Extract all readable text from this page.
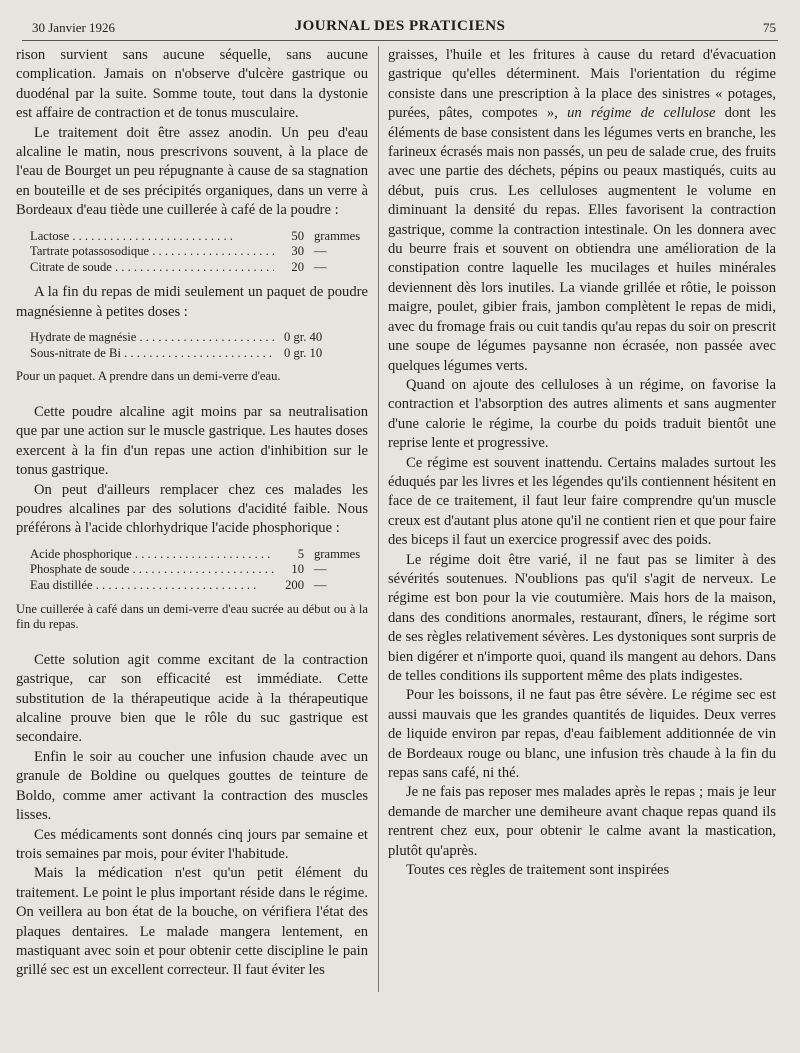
30 Janvier 1926	JOURNAL DES PRATICIENS	75

rison survient sans aucune séquelle, sans aucune complication. Jamais on n'observe d'ulcère gastrique ou duodénal par la suite. Somme toute, tout dans la dystonie est affaire de contraction et de tonus musculaire.

Le traitement doit être assez anodin. Un peu d'eau alcaline le matin, nous prescrivons souvent, à la place de l'eau de Bourget un peu répugnante à cause de sa stagnation en bouteille et de ses précipités organiques, dans un verre à Bordeaux d'eau tiède une cuillerée à café de la poudre :

Lactose . . .	50 grammes
Tartrate potassosodique . . .	30 —
Citrate de soude . . .	20 —

A la fin du repas de midi seulement un paquet de poudre magnésienne à petites doses :

Hydrate de magnésie . . .	0 gr. 40
Sous-nitrate de Bi . . .	0 gr. 10
Pour un paquet. A prendre dans un demi-verre d'eau.

Cette poudre alcaline agit moins par sa neutralisation que par une action sur le muscle gastrique. Les hautes doses exercent à la fin d'un repas une action d'inhibition sur le tonus gastrique.

On peut d'ailleurs remplacer chez ces malades les poudres alcalines par des solutions d'acidité faible. Nous préférons à l'acide chlorhydrique l'acide phosphorique :

Acide phosphorique . . .	5 grammes
Phosphate de soude . . .	10 —
Eau distillée . . .	200 —
Une cuillerée à café dans un demi-verre d'eau sucrée au début ou à la fin du repas.

Cette solution agit comme excitant de la contraction gastrique, car son efficacité est immédiate. Cette substitution de la thérapeutique acide à la thérapeutique alcaline prouve bien que le rôle du suc gastrique est secondaire.

Enfin le soir au coucher une infusion chaude avec un granule de Boldine ou quelques gouttes de teinture de Boldo, comme amer activant la contraction des muscles lisses.

Ces médicaments sont donnés cinq jours par semaine et trois semaines par mois, pour éviter l'habitude.

Mais la médication n'est qu'un petit élément du traitement. Le point le plus important réside dans le régime. On veillera au bon état de la bouche, on vérifiera l'état des plaques dentaires. Le malade mangera lentement, en mastiquant avec soin et pour obtenir cette discipline le pain grillé sec est un excellent correcteur. Il faut éviter les

graisses, l'huile et les fritures à cause du retard d'évacuation gastrique qu'elles déterminent. Mais l'orientation du régime consiste dans une prescription à la place des sinistres « potages, purées, pâtes, compotes », un régime de cellulose dont les éléments de base consistent dans les légumes verts en branche, les farineux écrasés mais non passés, un peu de salade crue, des fruits avec une partie des déchets, pépins ou peaux mastiqués, cuits au début, puis crus. Les celluloses augmentent le volume en diminuant la densité du repas. Elles favorisent la contraction gastrique, comme la contraction intestinale. On les donnera avec du beurre frais et souvent on obtiendra une amélioration de la constipation contre laquelle les mucilages et huiles minérales deviennent dès lors inutiles. La viande grillée et rôtie, le poisson maigre, poulet, gibier frais, jambon complètent le repas de midi, avec du fromage frais ou cuit tandis qu'au repas du soir on prescrit une soupe de légumes paysanne non écrasée, non passée avec quelques légumes verts.

Quand on ajoute des celluloses à un régime, on favorise la contraction et l'absorption des autres aliments et sans augmenter d'une calorie le régime, la courbe du poids traduit bientôt une reprise lente et progressive.

Ce régime est souvent inattendu. Certains malades surtout les éduqués par les livres et les légendes qu'ils contiennent hésitent en face de ce traitement, il faut leur faire comprendre qu'un muscle creux est d'autant plus atone qu'il ne contient rien et que pour faire des biceps il faut un exercice progressif avec des poids.

Le régime doit être varié, il ne faut pas se limiter à des sévérités soutenues. N'oublions pas qu'il s'agit de nerveux. Le régime est bon pour la vie coutumière. Mais hors de la maison, dans des conditions anormales, restaurant, dîners, le régime sort de ses règles relativement sévères. Les dystoniques sont surpris de bien digérer et n'importe quoi, quand ils mangent au dehors. Dans de telles conditions ils supportent même des plats indigestes.

Pour les boissons, il ne faut pas être sévère. Le régime sec est aussi mauvais que les grandes quantités de liquides. Deux verres de liquide environ par repas, d'eau faiblement additionnée de vin de Bordeaux rouge ou blanc, une infusion très chaude à la fin du repas sans café, ni thé.

Je ne fais pas reposer mes malades après le repas ; mais je leur demande de marcher une demiheure avant chaque repas quand ils rentrent chez eux, pour obtenir le calme avant la mastication, plutôt qu'après.

Toutes ces règles de traitement sont inspirées
